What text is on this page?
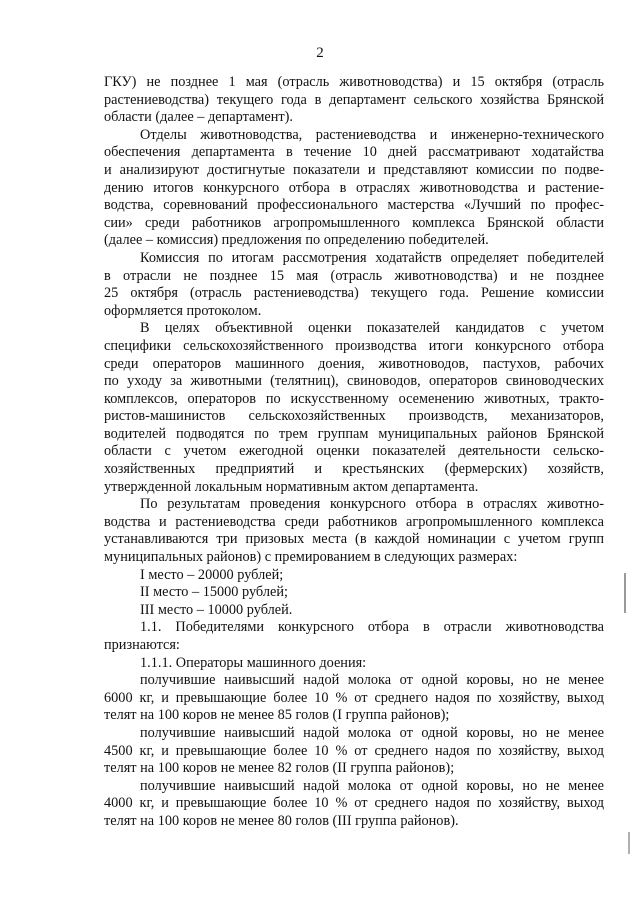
2
ГКУ) не позднее 1 мая (отрасль животноводства) и 15 октября (отрасль
растениеводства) текущего года в департамент сельского хозяйства Брянской
области (далее – департамент).
Отделы животноводства, растениеводства и инженерно-технического
обеспечения департамента в течение 10 дней рассматривают ходатайства
и анализируют достигнутые показатели и представляют комиссии по подве-
дению итогов конкурсного отбора в отраслях животноводства и растение-
водства, соревнований профессионального мастерства «Лучший по профес-
сии» среди работников агропромышленного комплекса Брянской области
(далее – комиссия) предложения по определению победителей.
Комиссия по итогам рассмотрения ходатайств определяет победителей
в отрасли не позднее 15 мая (отрасль животноводства) и не позднее
25 октября (отрасль растениеводства) текущего года. Решение комиссии
оформляется протоколом.
В целях объективной оценки показателей кандидатов с учетом
специфики сельскохозяйственного производства итоги конкурсного отбора
среди операторов машинного доения, животноводов, пастухов, рабочих
по уходу за животными (телятниц), свиноводов, операторов свиноводческих
комплексов, операторов по искусственному осеменению животных, тракто-
ристов-машинистов сельскохозяйственных производств, механизаторов,
водителей подводятся по трем группам муниципальных районов Брянской
области с учетом ежегодной оценки показателей деятельности сельско-
хозяйственных предприятий и крестьянских (фермерских) хозяйств,
утвержденной локальным нормативным актом департамента.
По результатам проведения конкурсного отбора в отраслях животно-
водства и растениеводства среди работников агропромышленного комплекса
устанавливаются три призовых места (в каждой номинации с учетом групп
муниципальных районов) с премированием в следующих размерах:
I место – 20000 рублей;
II место – 15000 рублей;
III место – 10000 рублей.
1.1. Победителями конкурсного отбора в отрасли животноводства
признаются:
1.1.1. Операторы машинного доения:
получившие наивысший надой молока от одной коровы, но не менее
6000 кг, и превышающие более 10 % от среднего надоя по хозяйству, выход
телят на 100 коров не менее 85 голов (I группа районов);
получившие наивысший надой молока от одной коровы, но не менее
4500 кг, и превышающие более 10 % от среднего надоя по хозяйству, выход
телят на 100 коров не менее 82 голов (II группа районов);
получившие наивысший надой молока от одной коровы, но не менее
4000 кг, и превышающие более 10 % от среднего надоя по хозяйству, выход
телят на 100 коров не менее 80 голов (III группа районов).
